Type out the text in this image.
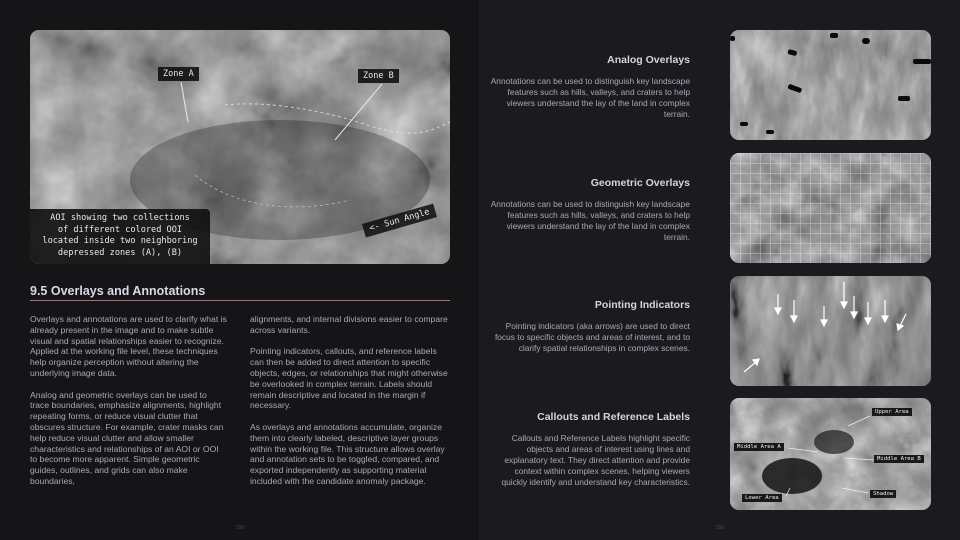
Zone A	Zone B
AOI showing two collections
of different colored OOI
located inside two neighboring
depressed zones (A), (B)
<- Sun Angle
9.5 Overlays and Annotations

Overlays and annotations are used to clarify what is already present in the image and to make subtle visual and spatial relationships easier to recognize. Applied at the working file level, these techniques help organize perception without altering the underlying image data.

Analog and geometric overlays can be used to trace boundaries, emphasize alignments, highlight repeating forms, or reduce visual clutter that obscures structure. For example, crater masks can help reduce visual clutter and allow smaller characteristics and relationships of an AOI or OOI to become more apparent. Simple geometric guides, outlines, and grids can also make boundaries,

alignments, and internal divisions easier to compare across variants.

Pointing indicators, callouts, and reference labels can then be added to direct attention to specific objects, edges, or relationships that might otherwise be overlooked in complex terrain. Labels should remain descriptive and located in the margin if necessary.

As overlays and annotations accumulate, organize them into clearly labeled, descriptive layer groups within the working file. This structure allows overlay and annotation sets to be toggled, compared, and exported independently as supporting material included with the candidate anomaly package.

190
Analog Overlays

Annotations can be used to distinguish key landscape features such as hills, valleys, and craters to help viewers understand the lay of the land in complex terrain.

Geometric Overlays

Annotations can be used to distinguish key landscape features such as hills, valleys, and craters to help viewers understand the lay of the land in complex terrain.

Pointing Indicators

Pointing indicators (aka arrows) are used to direct focus to specific objects and areas of interest, and to clarify spatial relationships in complex scenes.

Callouts and Reference Labels

Callouts and Reference Labels highlight specific objects and areas of interest using lines and explanatory text. They direct attention and provide context within complex scenes, helping viewers quickly identify and understand key characteristics.

Upper Area
Middle Area A
Middle Area B
Lower Area
Shadow
191
